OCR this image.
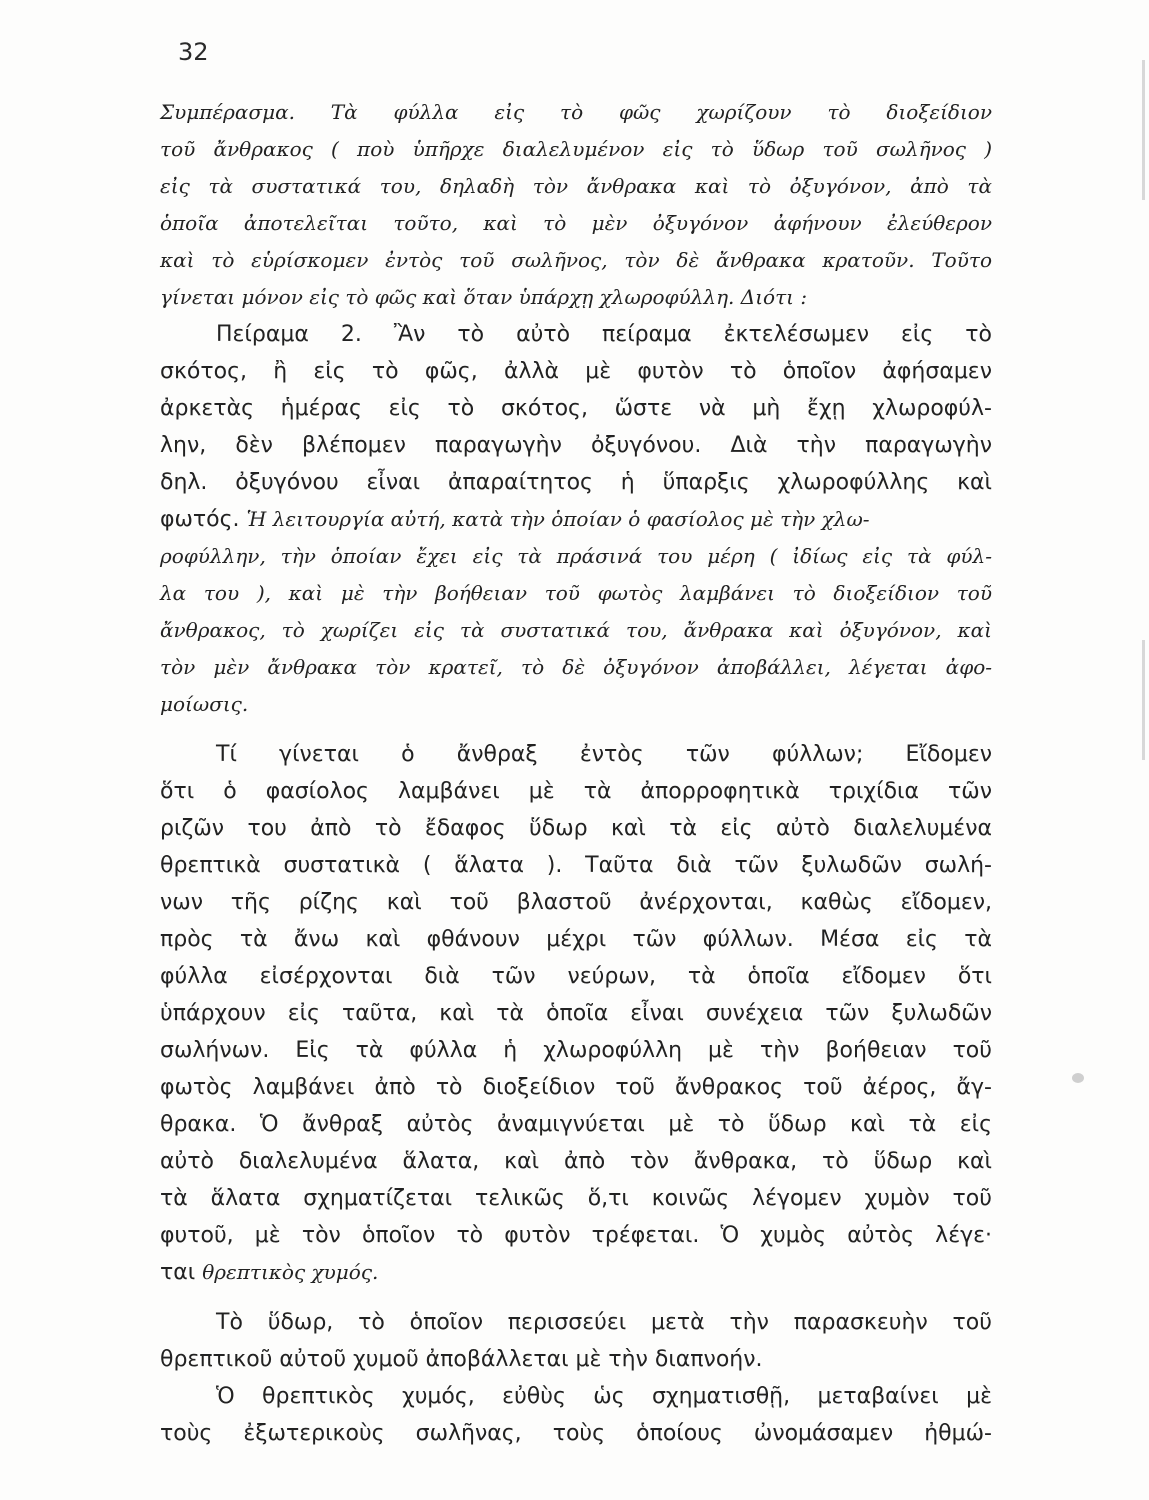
32
Συμπέρασμα. Τὰ φύλλα εἰς τὸ φῶς χωρίζουν τὸ διοξείδιον
τοῦ ἄνθρακος ( ποὺ ὑπῆρχε διαλελυμένον εἰς τὸ ὕδωρ τοῦ σωλῆνος )
εἰς τὰ συστατικά του, δηλαδὴ τὸν ἄνθρακα καὶ τὸ ὀξυγόνον, ἀπὸ τὰ
ὁποῖα ἀποτελεῖται τοῦτο, καὶ τὸ μὲν ὀξυγόνον ἀφήνουν ἐλεύθερον
καὶ τὸ εὑρίσκομεν ἐντὸς τοῦ σωλῆνος, τὸν δὲ ἄνθρακα κρατοῦν. Τοῦτο
γίνεται μόνον εἰς τὸ φῶς καὶ ὅταν ὑπάρχῃ χλωροφύλλη. Διότι :
Πείραμα 2. Ἂν τὸ αὐτὸ πείραμα ἐκτελέσωμεν εἰς τὸ
σκότος, ἢ εἰς τὸ φῶς, ἀλλὰ μὲ φυτὸν τὸ ὁποῖον ἀφήσαμεν
ἀρκετὰς ἡμέρας εἰς τὸ σκότος, ὥστε νὰ μὴ ἔχῃ χλωροφύλ-
λην, δὲν βλέπομεν παραγωγὴν ὀξυγόνου. Διὰ τὴν παραγωγὴν
δηλ. ὀξυγόνου εἶναι ἀπαραίτητος ἡ ὕπαρξις χλωροφύλλης καὶ
φωτός. Ἡ λειτουργία αὐτή, κατὰ τὴν ὁποίαν ὁ φασίολος μὲ τὴν χλω-
ροφύλλην, τὴν ὁποίαν ἔχει εἰς τὰ πράσινά του μέρη ( ἰδίως εἰς τὰ φύλ-
λα του ), καὶ μὲ τὴν βοήθειαν τοῦ φωτὸς λαμβάνει τὸ διοξείδιον τοῦ
ἄνθρακος, τὸ χωρίζει εἰς τὰ συστατικά του, ἄνθρακα καὶ ὀξυγόνον, καὶ
τὸν μὲν ἄνθρακα τὸν κρατεῖ, τὸ δὲ ὀξυγόνον ἀποβάλλει, λέγεται ἀφο-
μοίωσις.
Τί γίνεται ὁ ἄνθραξ ἐντὸς τῶν φύλλων; Εἴδομεν
ὅτι ὁ φασίολος λαμβάνει μὲ τὰ ἀπορροφητικὰ τριχίδια τῶν
ριζῶν του ἀπὸ τὸ ἔδαφος ὕδωρ καὶ τὰ εἰς αὐτὸ διαλελυμένα
θρεπτικὰ συστατικὰ ( ἅλατα ). Ταῦτα διὰ τῶν ξυλωδῶν σωλή-
νων τῆς ρίζης καὶ τοῦ βλαστοῦ ἀνέρχονται, καθὼς εἴδομεν,
πρὸς τὰ ἄνω καὶ φθάνουν μέχρι τῶν φύλλων. Μέσα εἰς τὰ
φύλλα εἰσέρχονται διὰ τῶν νεύρων, τὰ ὁποῖα εἴδομεν ὅτι
ὑπάρχουν εἰς ταῦτα, καὶ τὰ ὁποῖα εἶναι συνέχεια τῶν ξυλωδῶν
σωλήνων. Εἰς τὰ φύλλα ἡ χλωροφύλλη μὲ τὴν βοήθειαν τοῦ
φωτὸς λαμβάνει ἀπὸ τὸ διοξείδιον τοῦ ἄνθρακος τοῦ ἀέρος, ἄγ-
θρακα. Ὁ ἄνθραξ αὐτὸς ἀναμιγνύεται μὲ τὸ ὕδωρ καὶ τὰ εἰς
αὐτὸ διαλελυμένα ἅλατα, καὶ ἀπὸ τὸν ἄνθρακα, τὸ ὕδωρ καὶ
τὰ ἅλατα σχηματίζεται τελικῶς ὅ,τι κοινῶς λέγομεν χυμὸν τοῦ
φυτοῦ, μὲ τὸν ὁποῖον τὸ φυτὸν τρέφεται. Ὁ χυμὸς αὐτὸς λέγε·
ται θρεπτικὸς χυμός.
Τὸ ὕδωρ, τὸ ὁποῖον περισσεύει μετὰ τὴν παρασκευὴν τοῦ
θρεπτικοῦ αὐτοῦ χυμοῦ ἀποβάλλεται μὲ τὴν διαπνοήν.
Ὁ θρεπτικὸς χυμός, εὐθὺς ὡς σχηματισθῇ, μεταβαίνει μὲ
τοὺς ἐξωτερικοὺς σωλῆνας, τοὺς ὁποίους ὠνομάσαμεν ἠθμώ-
